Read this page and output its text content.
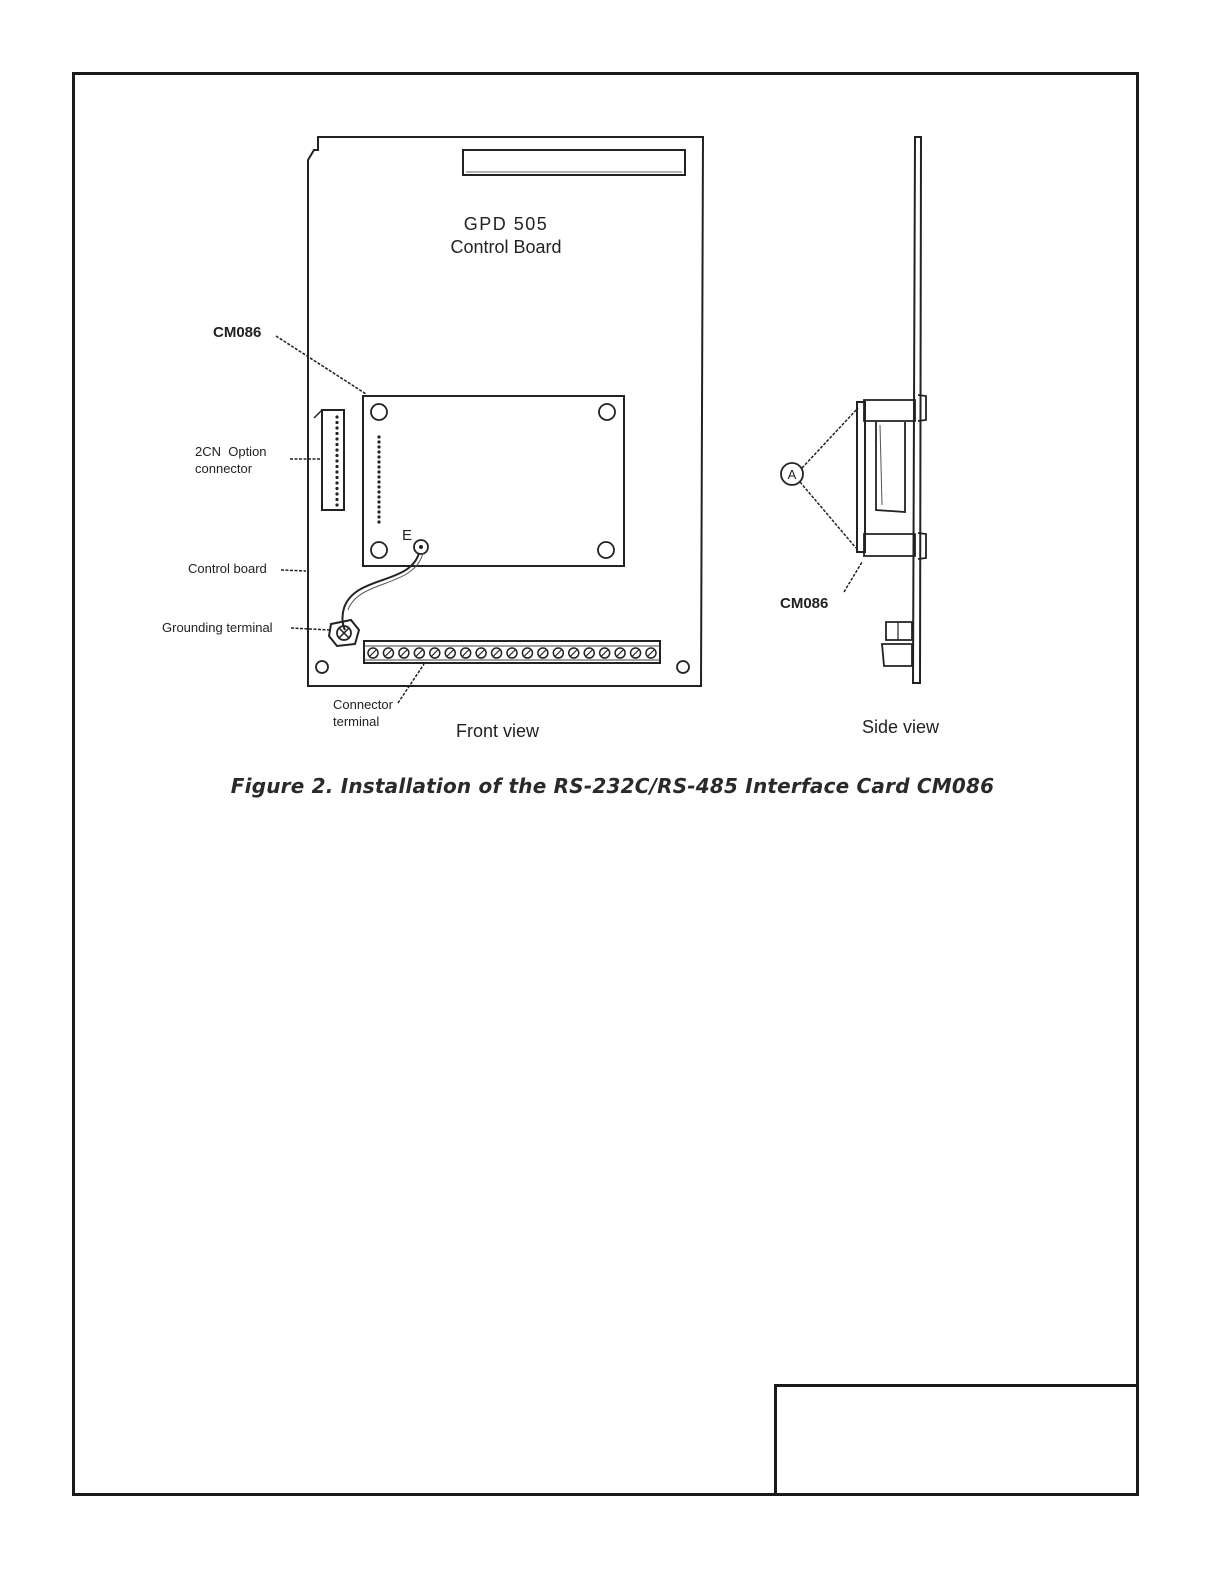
GPD 505
Control Board
E
CM086
2CN  Option
connector
Control board
Grounding terminal
Connector
terminal	Front view
A
CM086
Side view
Figure 2. Installation of the RS-232C/RS-485 Interface Card CM086
